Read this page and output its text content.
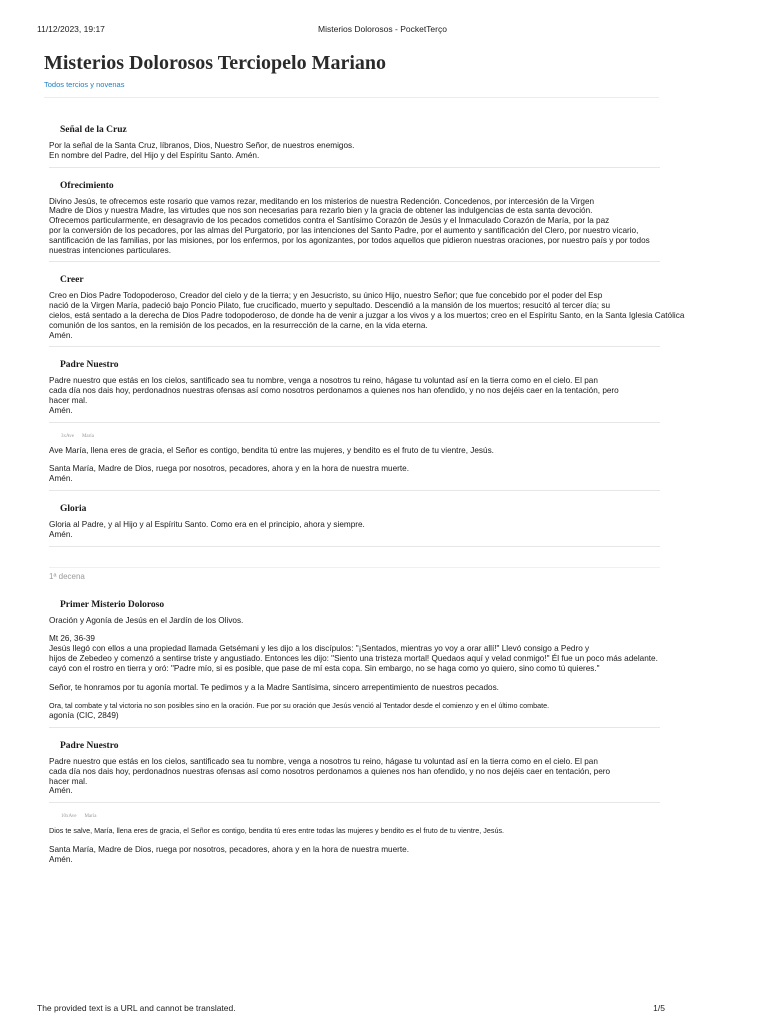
11/12/2023, 19:17	Misterios Dolorosos - PocketTerço
Misterios Dolorosos Terciopelo Mariano
Todos tercios y novenas
Señal de la Cruz

Por la señal de la Santa Cruz, líbranos, Dios, Nuestro Señor, de nuestros enemigos.
En nombre del Padre, del Hijo y del Espíritu Santo. Amén.

Ofrecimiento

Divino Jesús, te ofrecemos este rosario que vamos rezar, meditando en los misterios de nuestra Redención. Concedenos, por intercesión de la Virgen
Madre de Dios y nuestra Madre, las virtudes que nos son necesarias para rezarlo bien y la gracia de obtener las indulgencias de esta santa devoción.
Ofrecemos particularmente, en desagravio de los pecados cometidos contra el Santísimo Corazón de Jesús y el Inmaculado Corazón de María, por la paz
por la conversión de los pecadores, por las almas del Purgatorio, por las intenciones del Santo Padre, por el aumento y santificación del Clero, por nuestro vicario,
santificación de las familias, por las misiones, por los enfermos, por los agonizantes, por todos aquellos que pidieron nuestras oraciones, por nuestro país y por todos
nuestras intenciones particulares.

Creer

Creo en Dios Padre Todopoderoso, Creador del cielo y de la tierra; y en Jesucristo, su único Hijo, nuestro Señor; que fue concebido por el poder del Esp
nació de la Virgen María, padeció bajo Poncio Pilato, fue crucificado, muerto y sepultado. Descendió a la mansión de los muertos; resucitó al tercer día; su
cielos, está sentado a la derecha de Dios Padre todopoderoso, de donde ha de venir a juzgar a los vivos y a los muertos; creo en el Espíritu Santo, en la Santa Iglesia Católica
comunión de los santos, en la remisión de los pecados, en la resurrección de la carne, en la vida eterna.
Amén.

Padre Nuestro

Padre nuestro que estás en los cielos, santificado sea tu nombre, venga a nosotros tu reino, hágase tu voluntad así en la tierra como en el cielo. El pan
cada día nos dais hoy, perdonadnos nuestras ofensas así como nosotros perdonamos a quienes nos han ofendido, y no nos dejéis caer en la tentación, pero
hacer mal.
Amén.

3xAve María

Ave María, llena eres de gracia, el Señor es contigo, bendita tú entre las mujeres, y bendito es el fruto de tu vientre, Jesús.

Santa María, Madre de Dios, ruega por nosotros, pecadores, ahora y en la hora de nuestra muerte.
Amén.

Gloria

Gloria al Padre, y al Hijo y al Espíritu Santo. Como era en el principio, ahora y siempre.
Amén.

1ª decena
Primer Misterio Doloroso

Oración y Agonía de Jesús en el Jardín de los Olivos.

Mt 26, 36-39
Jesús llegó con ellos a una propiedad llamada Getsémani y les dijo a los discípulos: "¡Sentados, mientras yo voy a orar allí!" Llevó consigo a Pedro y
hijos de Zebedeo y comenzó a sentirse triste y angustiado. Entonces les dijo: "Siento una tristeza mortal! Quedaos aquí y velad conmigo!" Él fue un poco más adelante.
cayó con el rostro en tierra y oró: "Padre mío, si es posible, que pase de mí esta copa. Sin embargo, no se haga como yo quiero, sino como tú quieres."

Señor, te honramos por tu agonía mortal. Te pedimos y a la Madre Santísima, sincero arrepentimiento de nuestros pecados.

Ora, tal combate y tal victoria no son posibles sino en la oración. Fue por su oración que Jesús venció al Tentador desde el comienzo y en el último combate.

agonía (CIC, 2849)

Padre Nuestro

Padre nuestro que estás en los cielos, santificado sea tu nombre, venga a nosotros tu reino, hágase tu voluntad así en la tierra como en el cielo. El pan
cada día nos dais hoy, perdonadnos nuestras ofensas así como nosotros perdonamos a quienes nos han ofendido, y no nos dejéis caer en tentación, pero
hacer mal.
Amén.

10xAve María

Dios te salve, María, llena eres de gracia, el Señor es contigo, bendita tú eres entre todas las mujeres y bendito es el fruto de tu vientre, Jesús.

Santa María, Madre de Dios, ruega por nosotros, pecadores, ahora y en la hora de nuestra muerte.
Amén.

The provided text is a URL and cannot be translated.	1/5
